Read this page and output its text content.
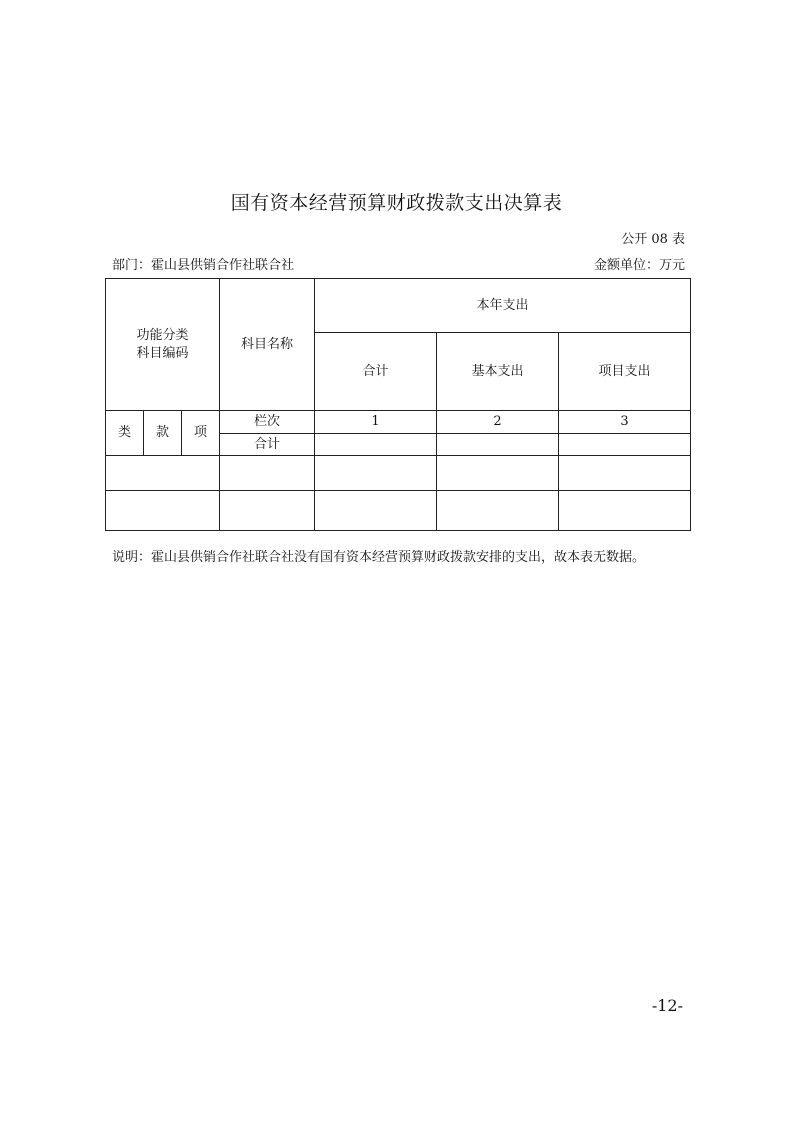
国有资本经营预算财政拨款支出决算表
公开 08 表
部门：霍山县供销合作社联合社	金额单位：万元
功能分类
科目编码			科目名称	本年支出		
				合计	基本支出	项目支出
类	款	项	栏次	1	2	3
			合计			

说明：霍山县供销合作社联合社没有国有资本经营预算财政拨款安排的支出，故本表无数据。
-12-
